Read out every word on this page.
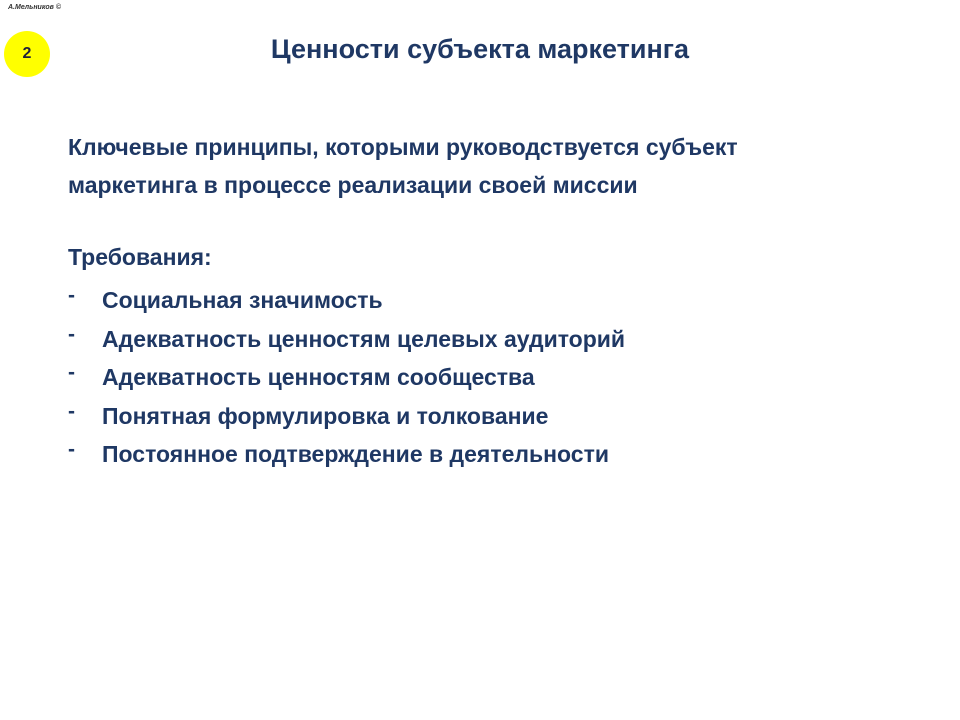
А.Мельников ©
2	Ценности субъекта маркетинга

Ключевые принципы, которыми руководствуется субъект

маркетинга в процессе реализации своей миссии

Требования:
-	Социальная значимость
-	Адекватность ценностям целевых аудиторий
-	Адекватность ценностям сообщества
-	Понятная формулировка и толкование
-	Постоянное подтверждение в деятельности
